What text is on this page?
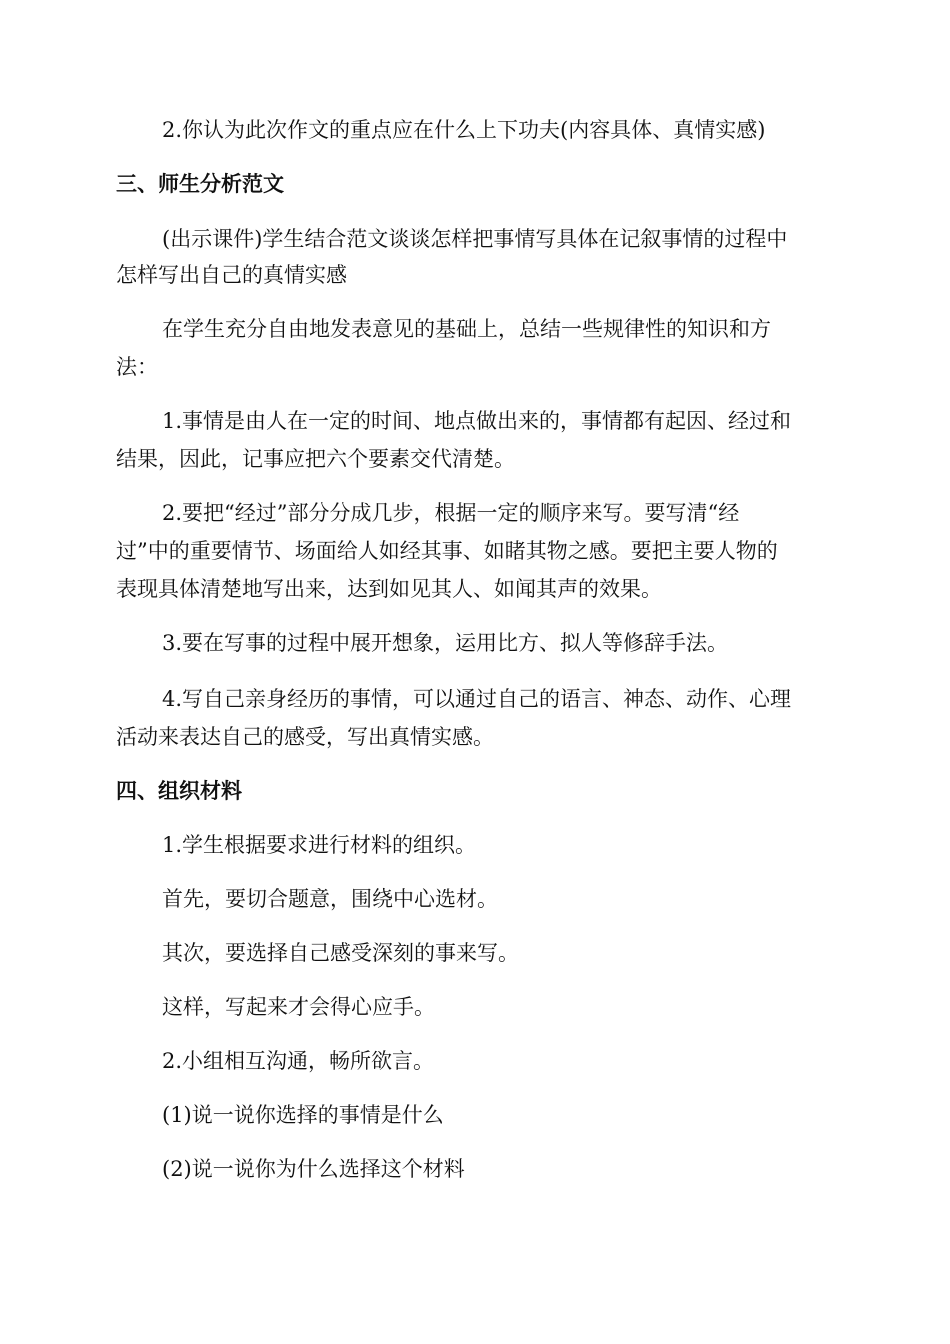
2.你认为此次作文的重点应在什么上下功夫(内容具体、真情实感)

三、师生分析范文

(出示课件)学生结合范文谈谈怎样把事情写具体在记叙事情的过程中

怎样写出自己的真情实感

在学生充分自由地发表意见的基础上，总结一些规律性的知识和方

法：

1.事情是由人在一定的时间、地点做出来的，事情都有起因、经过和

结果，因此，记事应把六个要素交代清楚。

2.要把“经过”部分分成几步，根据一定的顺序来写。要写清“经

过”中的重要情节、场面给人如经其事、如睹其物之感。要把主要人物的

表现具体清楚地写出来，达到如见其人、如闻其声的效果。

3.要在写事的过程中展开想象，运用比方、拟人等修辞手法。

4.写自己亲身经历的事情，可以通过自己的语言、神态、动作、心理

活动来表达自己的感受，写出真情实感。

四、组织材料

1.学生根据要求进行材料的组织。

首先，要切合题意，围绕中心选材。

其次，要选择自己感受深刻的事来写。

这样，写起来才会得心应手。

2.小组相互沟通，畅所欲言。

(1)说一说你选择的事情是什么

(2)说一说你为什么选择这个材料
